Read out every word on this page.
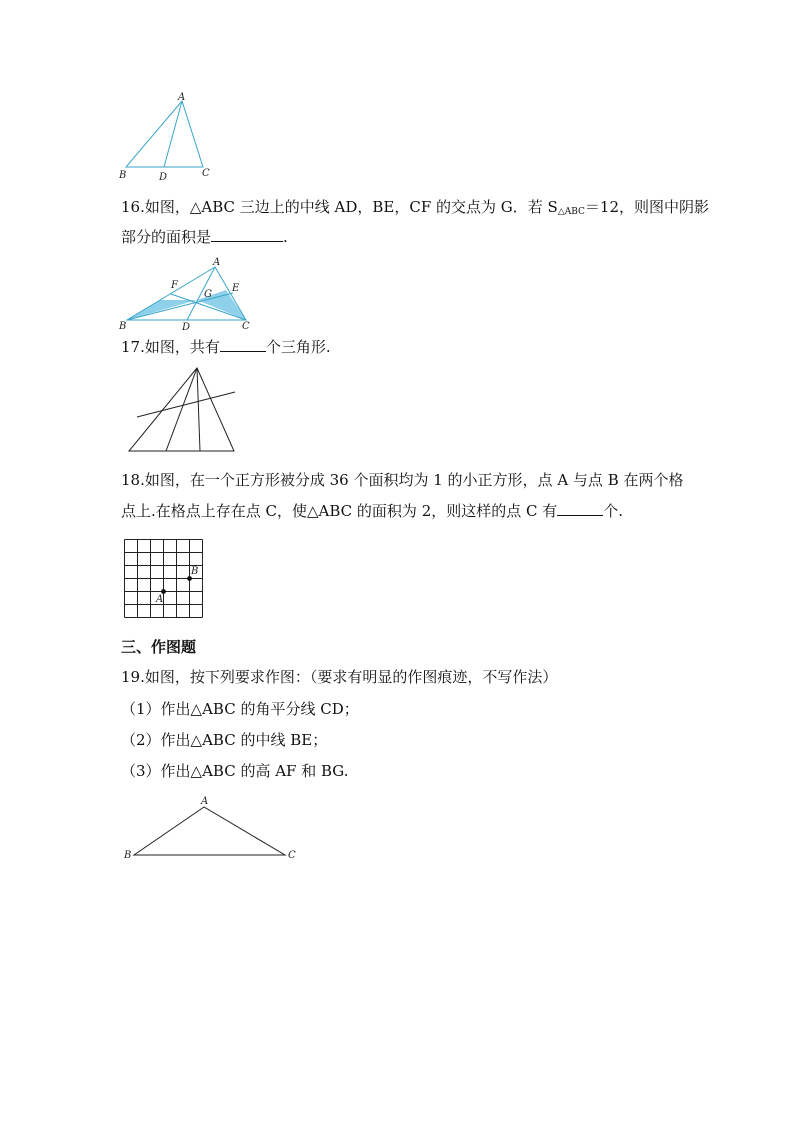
A
B	D	C
16.如图，△ABC 三边上的中线 AD，BE，CF 的交点为 G．若 $S_{\triangle ABC}=12$，则图中阴影
部分的面积是	.
A
F
G
E
B	D	C
17.如图，共有	个三角形.
18.如图，在一个正方形被分成 36 个面积均为 1 的小正方形，点 A 与点 B 在两个格
点上.在格点上存在点 C，使△ABC 的面积为 2，则这样的点 C 有	个.
A
B
三、作图题
19.如图，按下列要求作图：（要求有明显的作图痕迹，不写作法）
（1）作出△ABC 的角平分线 CD；
（2）作出△ABC 的中线 BE；
（3）作出△ABC 的高 AF 和 BG.
A
B	C
